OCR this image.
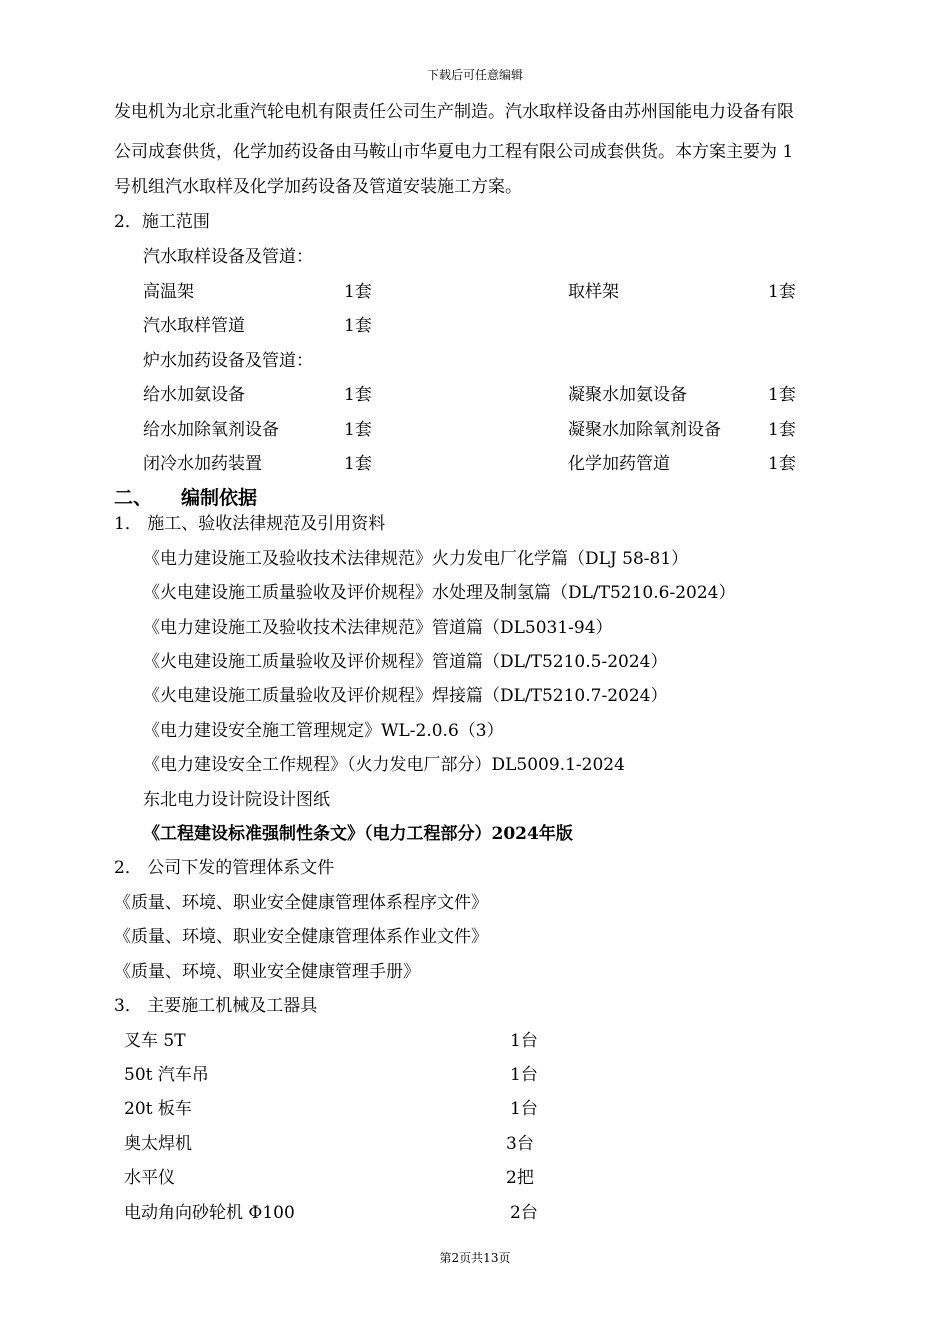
下载后可任意编辑
发电机为北京北重汽轮电机有限责任公司生产制造。汽水取样设备由苏州国能电力设备有限
公司成套供货，化学加药设备由马鞍山市华夏电力工程有限公司成套供货。本方案主要为 1
号机组汽水取样及化学加药设备及管道安装施工方案。
2．施工范围
汽水取样设备及管道：
高温架	1套	取样架	1套
汽水取样管道	1套
炉水加药设备及管道：
给水加氨设备	1套	凝聚水加氨设备	1套
给水加除氧剂设备	1套	凝聚水加除氧剂设备	1套
闭冷水加药装置	1套	化学加药管道	1套
二、 编制依据
1． 施工、验收法律规范及引用资料
《电力建设施工及验收技术法律规范》火力发电厂化学篇（DLJ 58-81）
《火电建设施工质量验收及评价规程》水处理及制氢篇（DL/T5210.6-2024）
《电力建设施工及验收技术法律规范》管道篇（DL5031-94）
《火电建设施工质量验收及评价规程》管道篇（DL/T5210.5-2024）
《火电建设施工质量验收及评价规程》焊接篇（DL/T5210.7-2024）
《电力建设安全施工管理规定》WL-2.0.6（3）
《电力建设安全工作规程》（火力发电厂部分）DL5009.1-2024
东北电力设计院设计图纸
《工程建设标准强制性条文》（电力工程部分）2024年版
2． 公司下发的管理体系文件
《质量、环境、职业安全健康管理体系程序文件》
《质量、环境、职业安全健康管理体系作业文件》
《质量、环境、职业安全健康管理手册》
3． 主要施工机械及工器具
叉车 5T	1台
50t 汽车吊	1台
20t 板车	1台
奥太焊机	3台
水平仪	2把
电动角向砂轮机 Φ100	2台
第2页共13页
